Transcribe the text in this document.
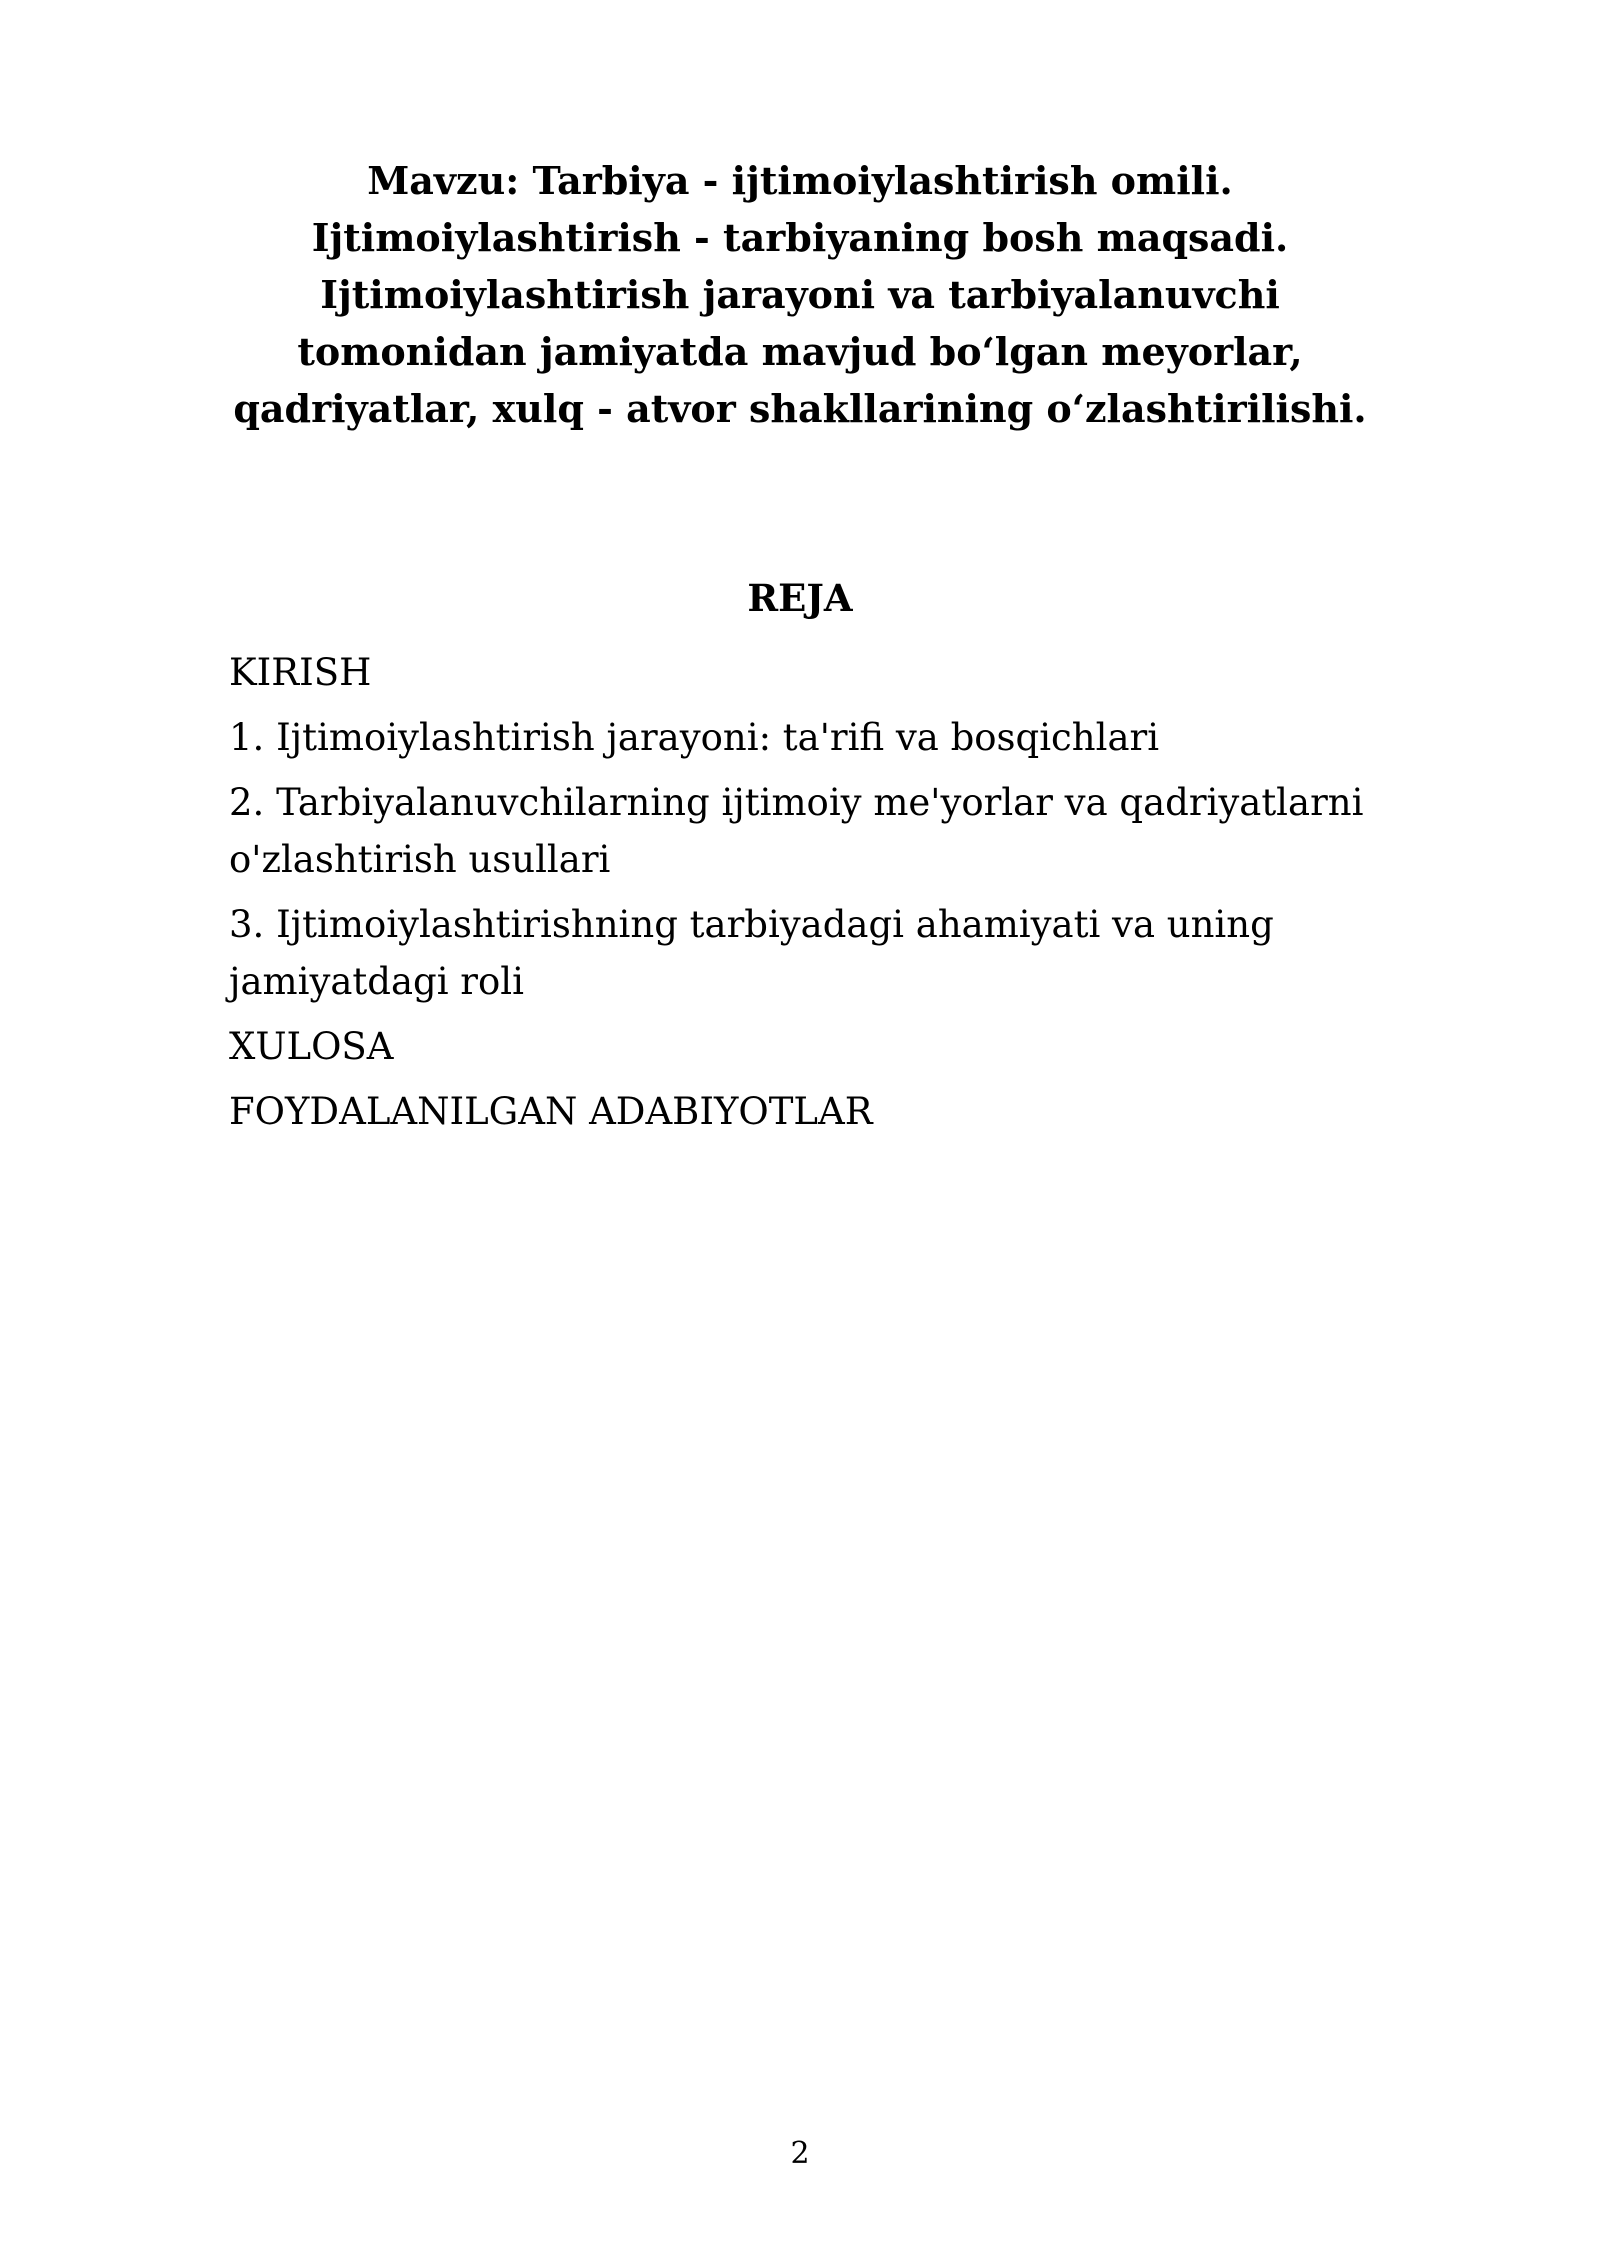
Mavzu: Tarbiya - ijtimoiylashtirish omili. Ijtimoiylashtirish - tarbiyaning bosh maqsadi. Ijtimoiylashtirish jarayoni va tarbiyalanuvchi tomonidan jamiyatda mavjud bo‘lgan meyorlar, qadriyatlar, xulq - atvor shakllarining o‘zlashtirilishi.
REJA
KIRISH
1. Ijtimoiylashtirish jarayoni: ta'rifi va bosqichlari
2. Tarbiyalanuvchilarning ijtimoiy me'yorlar va qadriyatlarni o'zlashtirish usullari
3. Ijtimoiylashtirishning tarbiyadagi ahamiyati va uning jamiyatdagi roli
XULOSA
FOYDALANILGAN ADABIYOTLAR
2
